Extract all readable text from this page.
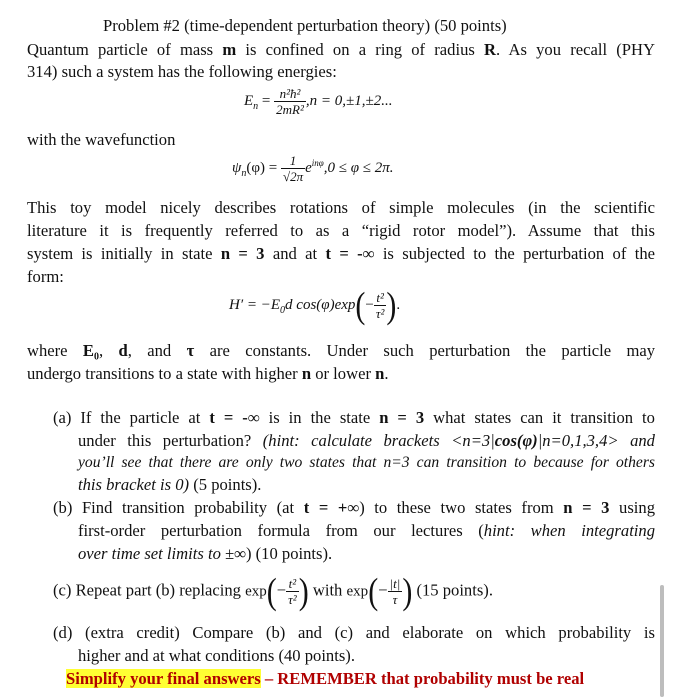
Problem #2 (time-dependent perturbation theory) (50 points)
Quantum particle of mass m is confined on a ring of radius R. As you recall (PHY
314) such a system has the following energies:
$E_n = \frac{\text{n²ħ²}}{\text{2mR²}} ,n = 0,\pm 1,\pm 2$...
with the wavefunction
$\psi_n(\varphi) = \frac{1}{√2\pi} e^{in\varphi},0 \le \varphi \le 2\pi$.
This toy model nicely describes rotations of simple molecules (in the scientific
literature it is frequently referred to as a “rigid rotor model”). Assume that this
system is initially in state n = 3 and at t = -∞ is subjected to the perturbation of the
form:
$H' = -E_0d$ $\cos(\varphi)\exp(- \frac{\text{t²}}{\text{τ²}}$ ).
where E₀, d, and τ are constants. Under such perturbation the particle may
undergo transitions to a state with higher n or lower n.
(a) If the particle at t = -∞ is in the state n = 3 what states can it transition to
under this perturbation? (hint: calculate brackets <n=3|cos(φ)|n=0,1,3,4> and
you’ll see that there are only two states that n=3 can transition to because for others
this bracket is 0) (5 points).
(b) Find transition probability (at t = +∞) to these two states from n = 3 using
first-order perturbation formula from our lectures (hint: when integrating
over time set limits to ±∞) (10 points).
(c) Repeat part (b) replacing $\exp(- \frac{\text{t²}}{\text{τ²}}$ ) with $\exp(- \frac{|t|}{\tau}$ ) (15 points).
(d) (extra credit) Compare (b) and (c) and elaborate on which probability is
higher and at what conditions (40 points).
Simplify your final answers – REMEMBER that probability must be real
